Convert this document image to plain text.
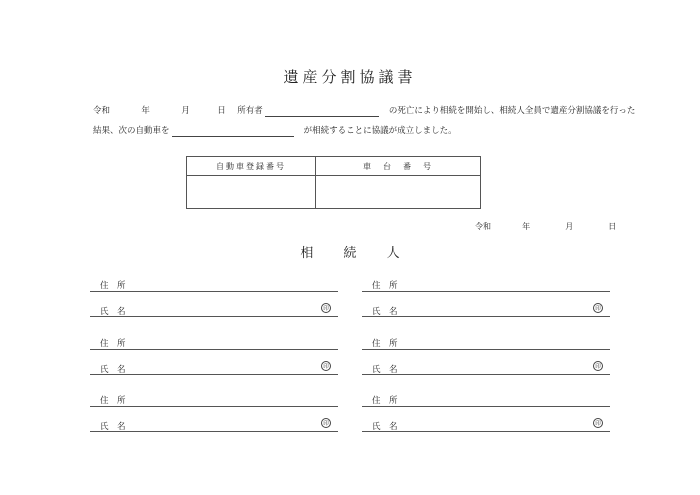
遺産分割協議書
令和	年	月	日 所有者	の死亡により相続を開始し、相続人全員で遺産分割協議を行った
結果、次の自動車を	が相続することに協議が成立しました。
自動車登録番号	車　台　番　号

令和	年	月	日
相 続 人
住　所
氏　名	印
住　所
氏　名	印
住　所
氏　名	印
住　所
氏　名	印
住　所
氏　名	印
住　所
氏　名	印
